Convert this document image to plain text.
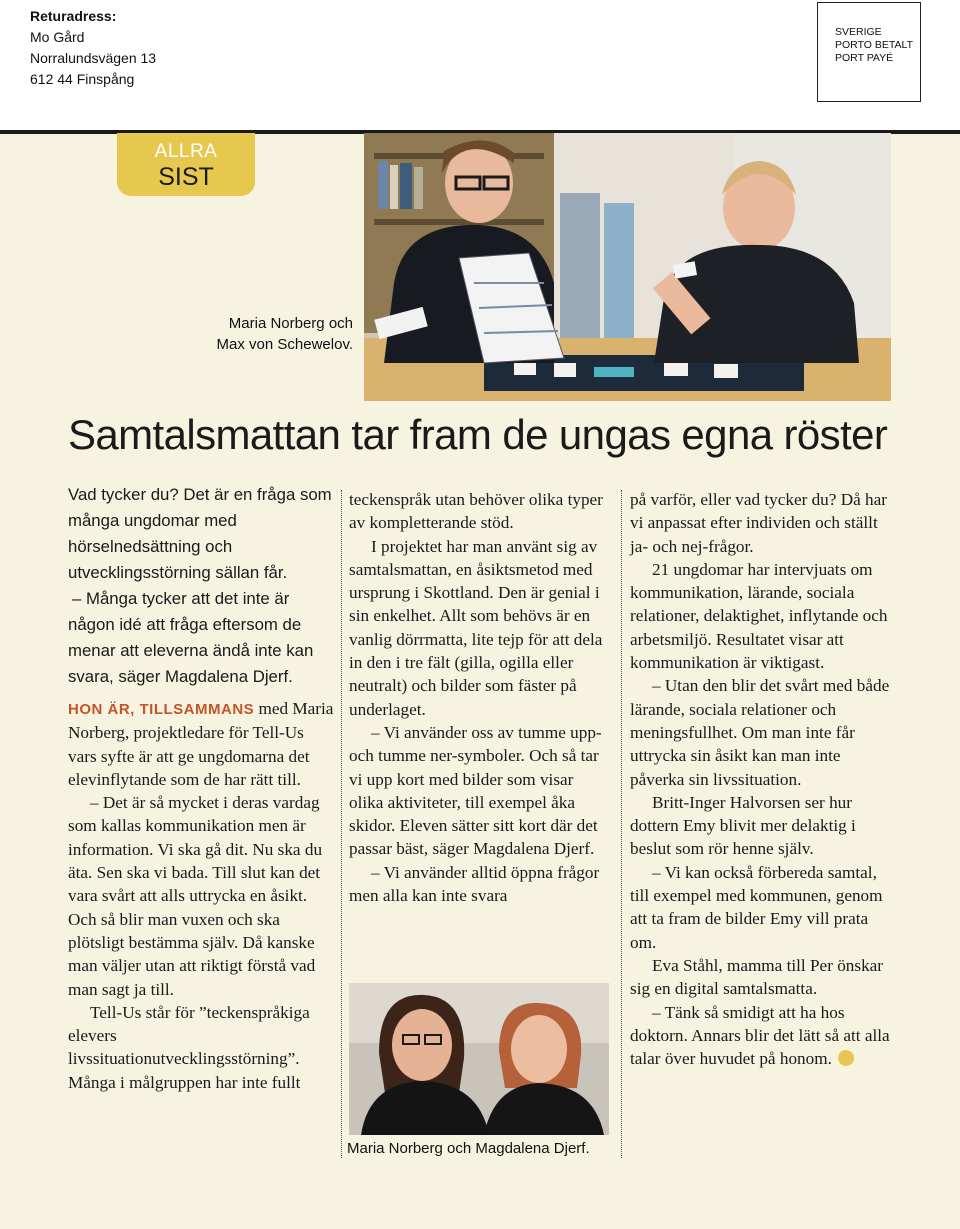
Returadress:
Mo Gård
Norralundsvägen 13
612 44 Finspång
SVERIGE
PORTO BETALT
PORT PAYÉ
ALLRA
SIST
Maria Norberg och
Max von Schewelov.
Samtalsmattan tar fram de ungas egna röster

Vad tycker du? Det är en fråga som många ungdomar med hörselnedsättning och utvecklingsstörning sällan får.

– Många tycker att det inte är någon idé att fråga eftersom de menar att eleverna ändå inte kan svara, säger Magdalena Djerf.

HON ÄR, TILLSAMMANS med Maria Norberg, projektledare för Tell-Us vars syfte är att ge ungdomarna det elevinflytande som de har rätt till.

– Det är så mycket i deras vardag som kallas kommunikation men är information. Vi ska gå dit. Nu ska du äta. Sen ska vi bada. Till slut kan det vara svårt att alls uttrycka en åsikt. Och så blir man vuxen och ska plötsligt bestämma själv. Då kanske man väljer utan att riktigt förstå vad man sagt ja till.

Tell-Us står för ”teckenspråkiga elevers livssituationutvecklingsstörning”. Många i målgruppen har inte fullt

teckenspråk utan behöver olika typer av kompletterande stöd.

I projektet har man använt sig av samtalsmattan, en åsiktsmetod med ursprung i Skottland. Den är genial i sin enkelhet. Allt som behövs är en vanlig dörrmatta, lite tejp för att dela in den i tre fält (gilla, ogilla eller neutralt) och bilder som fäster på underlaget.

– Vi använder oss av tumme upp- och tumme ner-symboler. Och så tar vi upp kort med bilder som visar olika aktiviteter, till exempel åka skidor. Eleven sätter sitt kort där det passar bäst, säger Magdalena Djerf.

– Vi använder alltid öppna frågor men alla kan inte svara

Maria Norberg och Magdalena Djerf.

på varför, eller vad tycker du? Då har vi anpassat efter individen och ställt ja- och nej-frågor.

21 ungdomar har intervjuats om kommunikation, lärande, sociala relationer, delaktighet, inflytande och arbetsmiljö. Resultatet visar att kommunikation är viktigast.

– Utan den blir det svårt med både lärande, sociala relationer och meningsfullhet. Om man inte får uttrycka sin åsikt kan man inte påverka sin livssituation.

Britt-Inger Halvorsen ser hur dottern Emy blivit mer delaktig i beslut som rör henne själv.

– Vi kan också förbereda samtal, till exempel med kommunen, genom att ta fram de bilder Emy vill prata om.

Eva Ståhl, mamma till Per önskar sig en digital samtalsmatta.

– Tänk så smidigt att ha hos doktorn. Annars blir det lätt så att alla talar över huvudet på honom.
